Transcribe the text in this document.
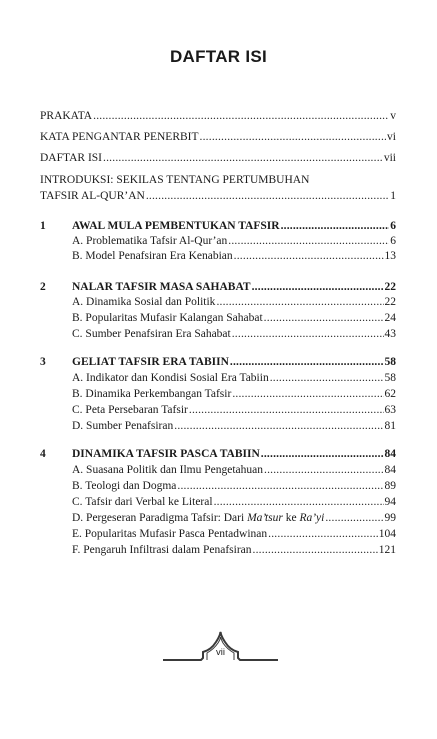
DAFTAR ISI
PRAKATA .....	v
KATA PENGANTAR PENERBIT .....	vi
DAFTAR ISI .....	vii
INTRODUKSI: SEKILAS TENTANG PERTUMBUHAN
TAFSIR AL-QUR’AN .....	1
1 AWAL MULA PEMBENTUKAN TAFSIR .....	6
A. Problematika Tafsir Al-Qur’an .....	6
B. Model Penafsiran Era Kenabian .....	13
2 NALAR TAFSIR MASA SAHABAT .....	22
A. Dinamika Sosial dan Politik .....	22
B. Popularitas Mufasir Kalangan Sahabat .....	24
C. Sumber Penafsiran Era Sahabat .....	43
3 GELIAT TAFSIR ERA TABIIN .....	58
A. Indikator dan Kondisi Sosial Era Tabiin .....	58
B. Dinamika Perkembangan Tafsir .....	62
C. Peta Persebaran Tafsir .....	63
D. Sumber Penafsiran .....	81
4 DINAMIKA TAFSIR PASCA TABIIN .....	84
A. Suasana Politik dan Ilmu Pengetahuan .....	84
B. Teologi dan Dogma .....	89
C. Tafsir dari Verbal ke Literal .....	94
D. Pergeseran Paradigma Tafsir: Dari Ma’tsur ke Ra’yi .....	99
E. Popularitas Mufasir Pasca Pentadwinan .....	104
F. Pengaruh Infiltrasi dalam Penafsiran .....	121
vii
